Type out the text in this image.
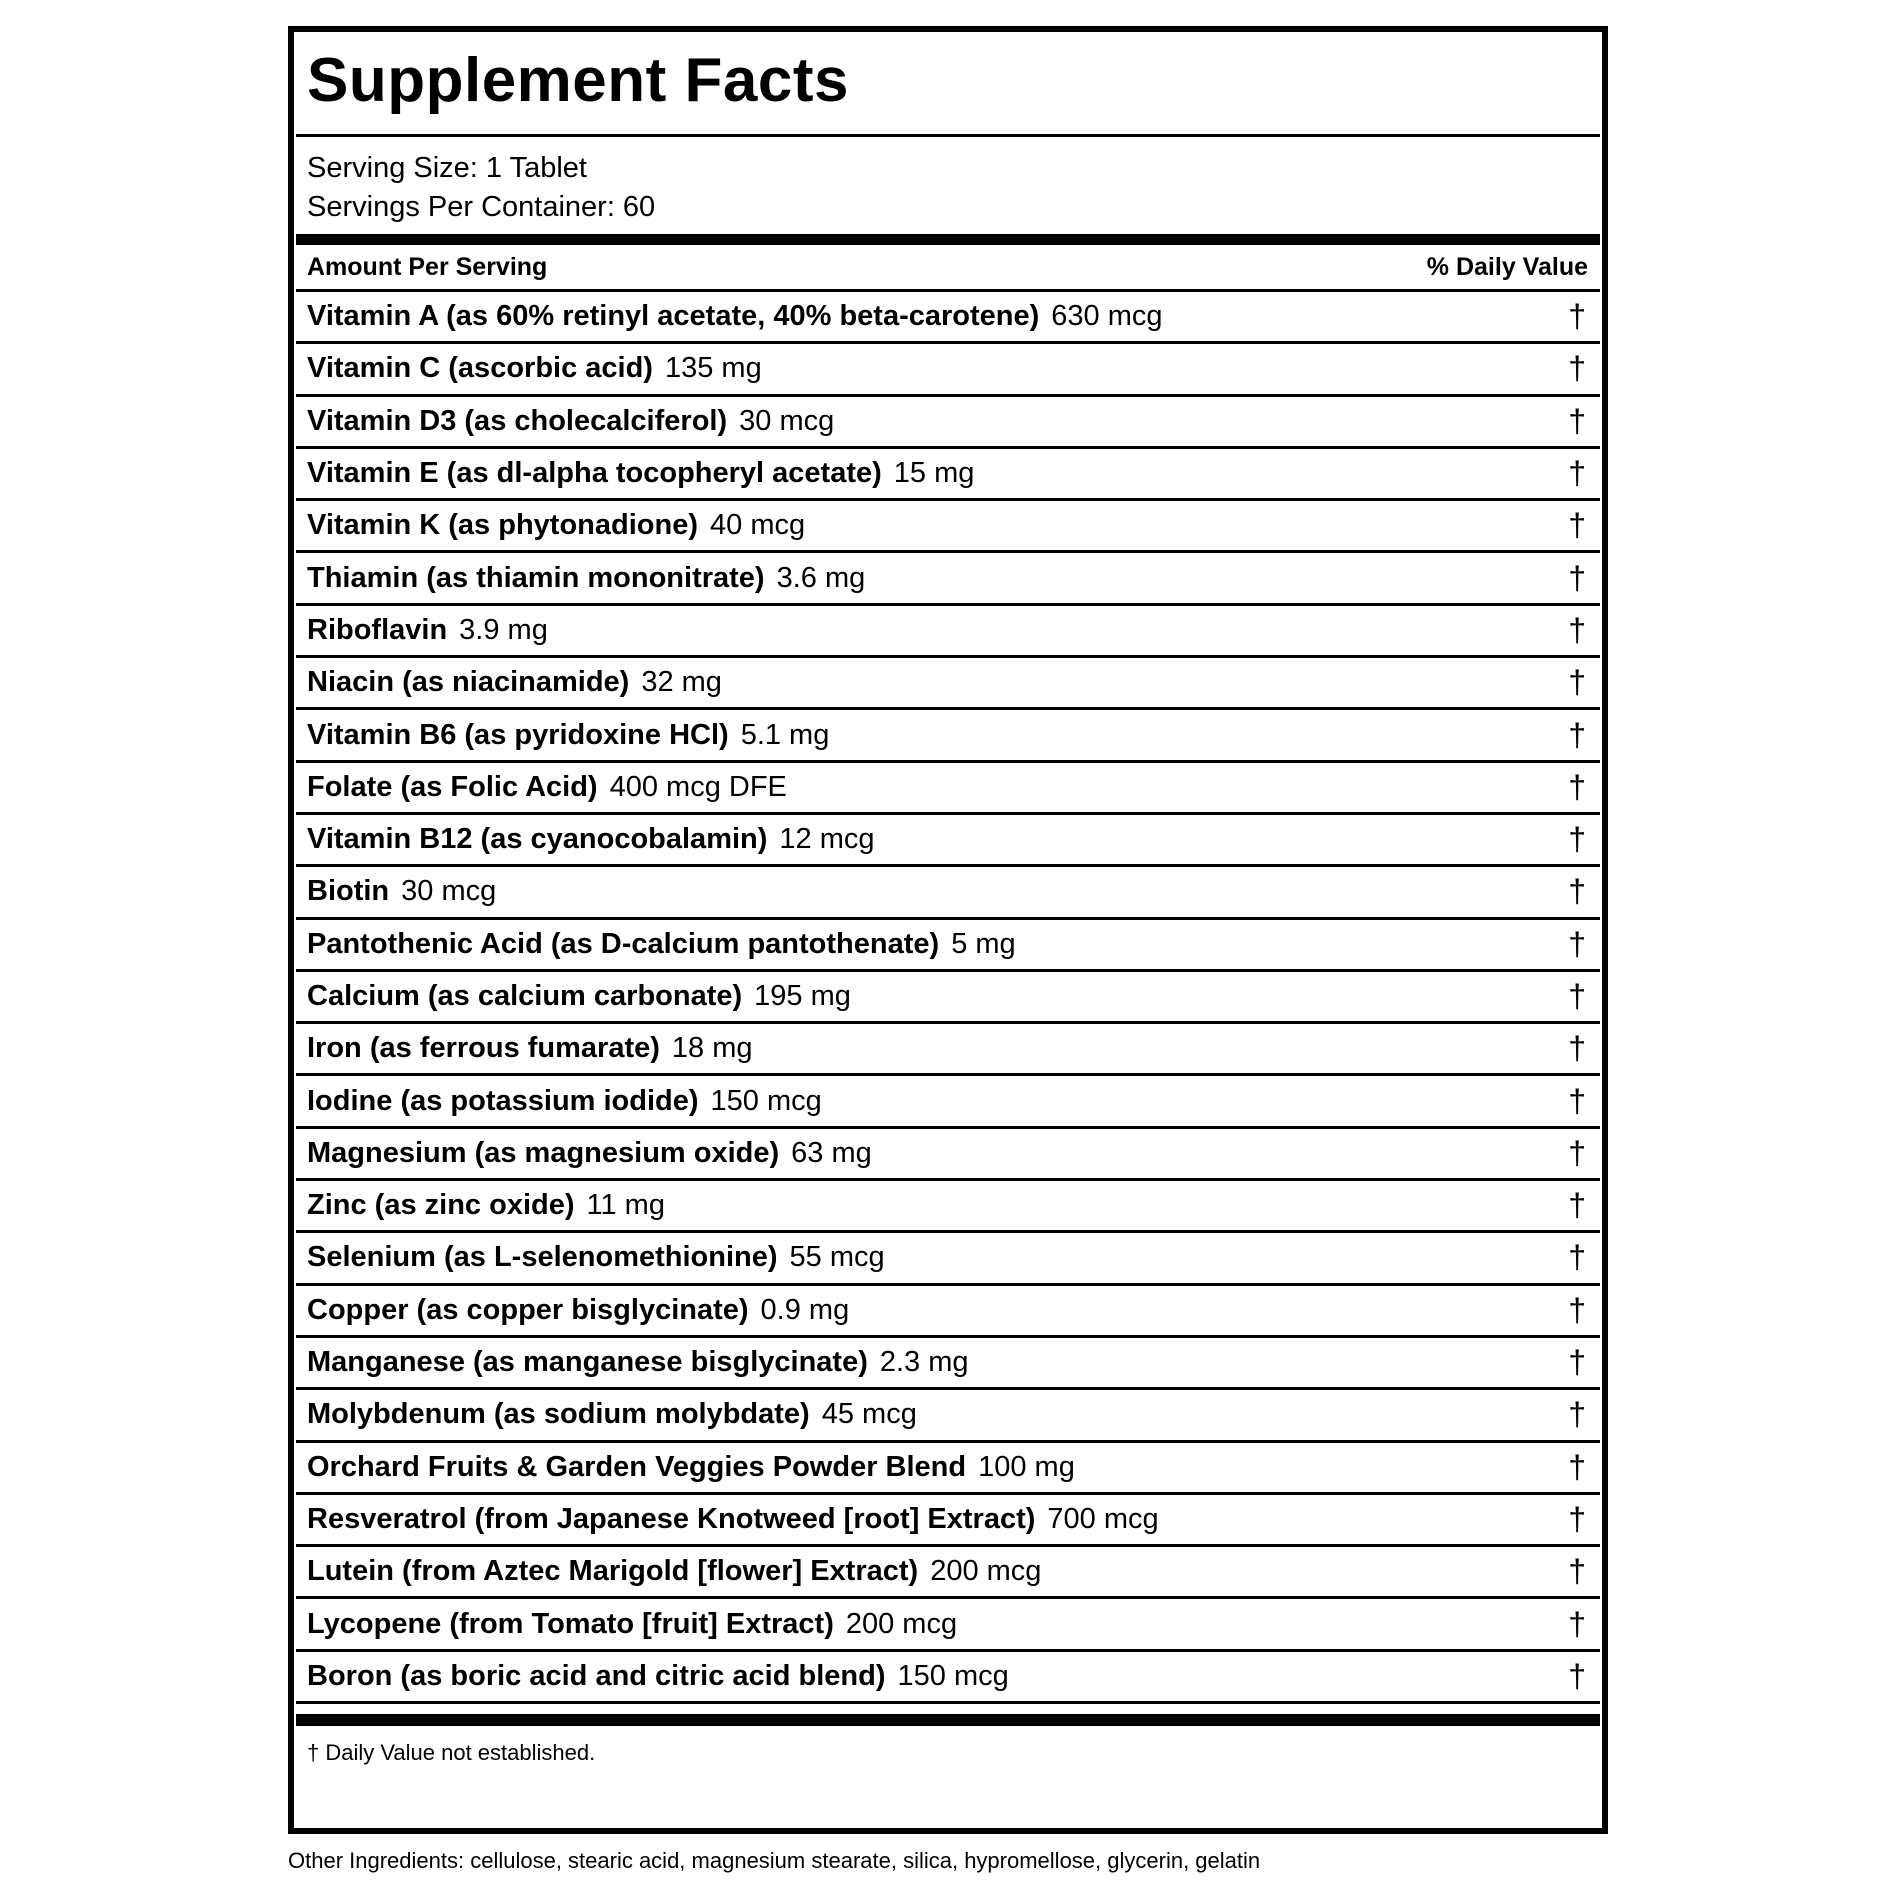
Supplement Facts
Serving Size: 1 Tablet
Servings Per Container: 60
Amount Per Serving	% Daily Value
Vitamin A (as 60% retinyl acetate, 40% beta-carotene) 630 mcg	†
Vitamin C (ascorbic acid) 135 mg	†
Vitamin D3 (as cholecalciferol) 30 mcg	†
Vitamin E (as dl-alpha tocopheryl acetate) 15 mg	†
Vitamin K (as phytonadione) 40 mcg	†
Thiamin (as thiamin mononitrate) 3.6 mg	†
Riboflavin 3.9 mg	†
Niacin (as niacinamide) 32 mg	†
Vitamin B6 (as pyridoxine HCl) 5.1 mg	†
Folate (as Folic Acid) 400 mcg DFE	†
Vitamin B12 (as cyanocobalamin) 12 mcg	†
Biotin 30 mcg	†
Pantothenic Acid (as D-calcium pantothenate) 5 mg	†
Calcium (as calcium carbonate) 195 mg	†
Iron (as ferrous fumarate) 18 mg	†
Iodine (as potassium iodide) 150 mcg	†
Magnesium (as magnesium oxide) 63 mg	†
Zinc (as zinc oxide) 11 mg	†
Selenium (as L-selenomethionine) 55 mcg	†
Copper (as copper bisglycinate) 0.9 mg	†
Manganese (as manganese bisglycinate) 2.3 mg	†
Molybdenum (as sodium molybdate) 45 mcg	†
Orchard Fruits & Garden Veggies Powder Blend 100 mg	†
Resveratrol (from Japanese Knotweed [root] Extract) 700 mcg	†
Lutein (from Aztec Marigold [flower] Extract) 200 mcg	†
Lycopene (from Tomato [fruit] Extract) 200 mcg	†
Boron (as boric acid and citric acid blend) 150 mcg	†
† Daily Value not established.
Other Ingredients: cellulose, stearic acid, magnesium stearate, silica, hypromellose, glycerin, gelatin
